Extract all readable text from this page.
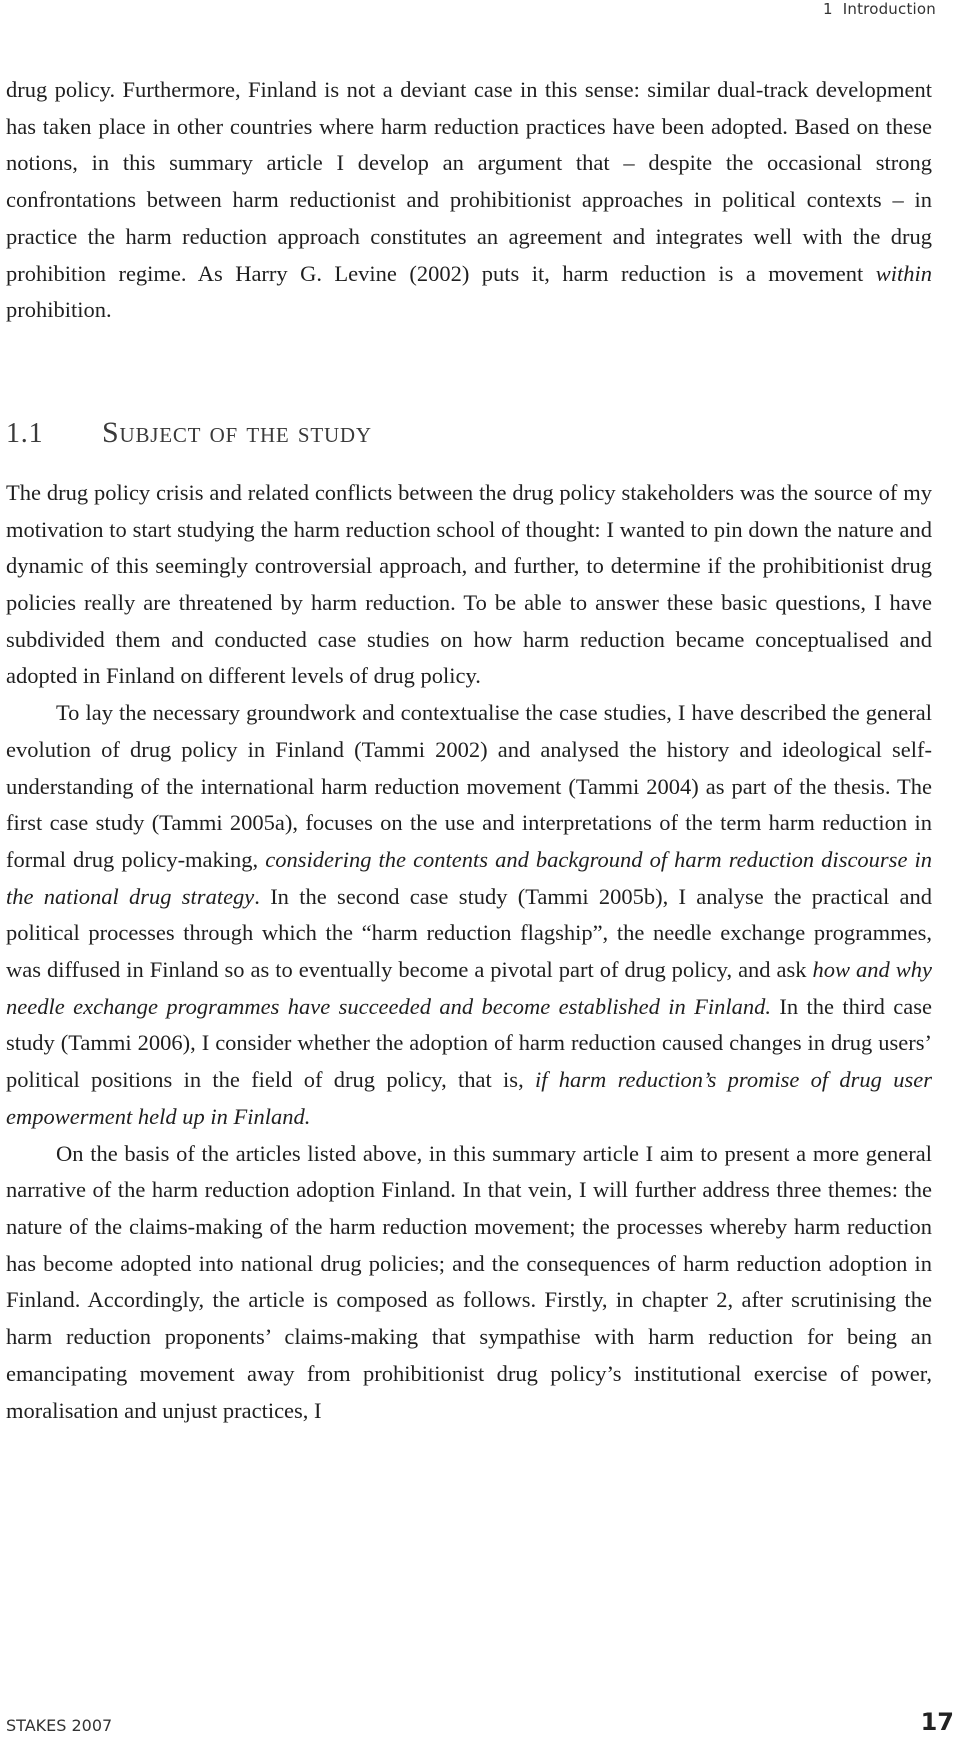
1 Introduction

drug policy. Furthermore, Finland is not a deviant case in this sense: similar dual-track development has taken place in other countries where harm reduction practices have been adopted. Based on these notions, in this summary article I develop an argument that – despite the occasional strong confrontations between harm reductionist and prohibitionist approaches in political contexts – in practice the harm reduction approach constitutes an agreement and integrates well with the drug prohibition regime. As Harry G. Levine (2002) puts it, harm reduction is a movement within prohibition.

1.1 Subject of the study

The drug policy crisis and related conflicts between the drug policy stakeholders was the source of my motivation to start studying the harm reduction school of thought: I wanted to pin down the nature and dynamic of this seemingly controversial approach, and further, to determine if the prohibitionist drug policies really are threatened by harm reduction. To be able to answer these basic questions, I have subdivided them and conducted case studies on how harm reduction became conceptualised and adopted in Finland on different levels of drug policy.

To lay the necessary groundwork and contextualise the case studies, I have described the general evolution of drug policy in Finland (Tammi 2002) and analysed the history and ideological self-understanding of the international harm reduction movement (Tammi 2004) as part of the thesis. The first case study (Tammi 2005a), focuses on the use and interpretations of the term harm reduction in formal drug policy-making, considering the contents and background of harm reduction discourse in the national drug strategy. In the second case study (Tammi 2005b), I analyse the practical and political processes through which the “harm reduction flagship”, the needle exchange programmes, was diffused in Finland so as to eventually become a pivotal part of drug policy, and ask how and why needle exchange programmes have succeeded and become established in Finland. In the third case study (Tammi 2006), I consider whether the adoption of harm reduction caused changes in drug users’ political positions in the field of drug policy, that is, if harm reduction’s promise of drug user empowerment held up in Finland.

On the basis of the articles listed above, in this summary article I aim to present a more general narrative of the harm reduction adoption Finland. In that vein, I will further address three themes: the nature of the claims-making of the harm reduction movement; the processes whereby harm reduction has become adopted into national drug policies; and the consequences of harm reduction adoption in Finland. Accordingly, the article is composed as follows. Firstly, in chapter 2, after scrutinising the harm reduction proponents’ claims-making that sympathise with harm reduction for being an emancipating movement away from prohibitionist drug policy’s institutional exercise of power, moralisation and unjust practices, I

STAKES 2007	17
